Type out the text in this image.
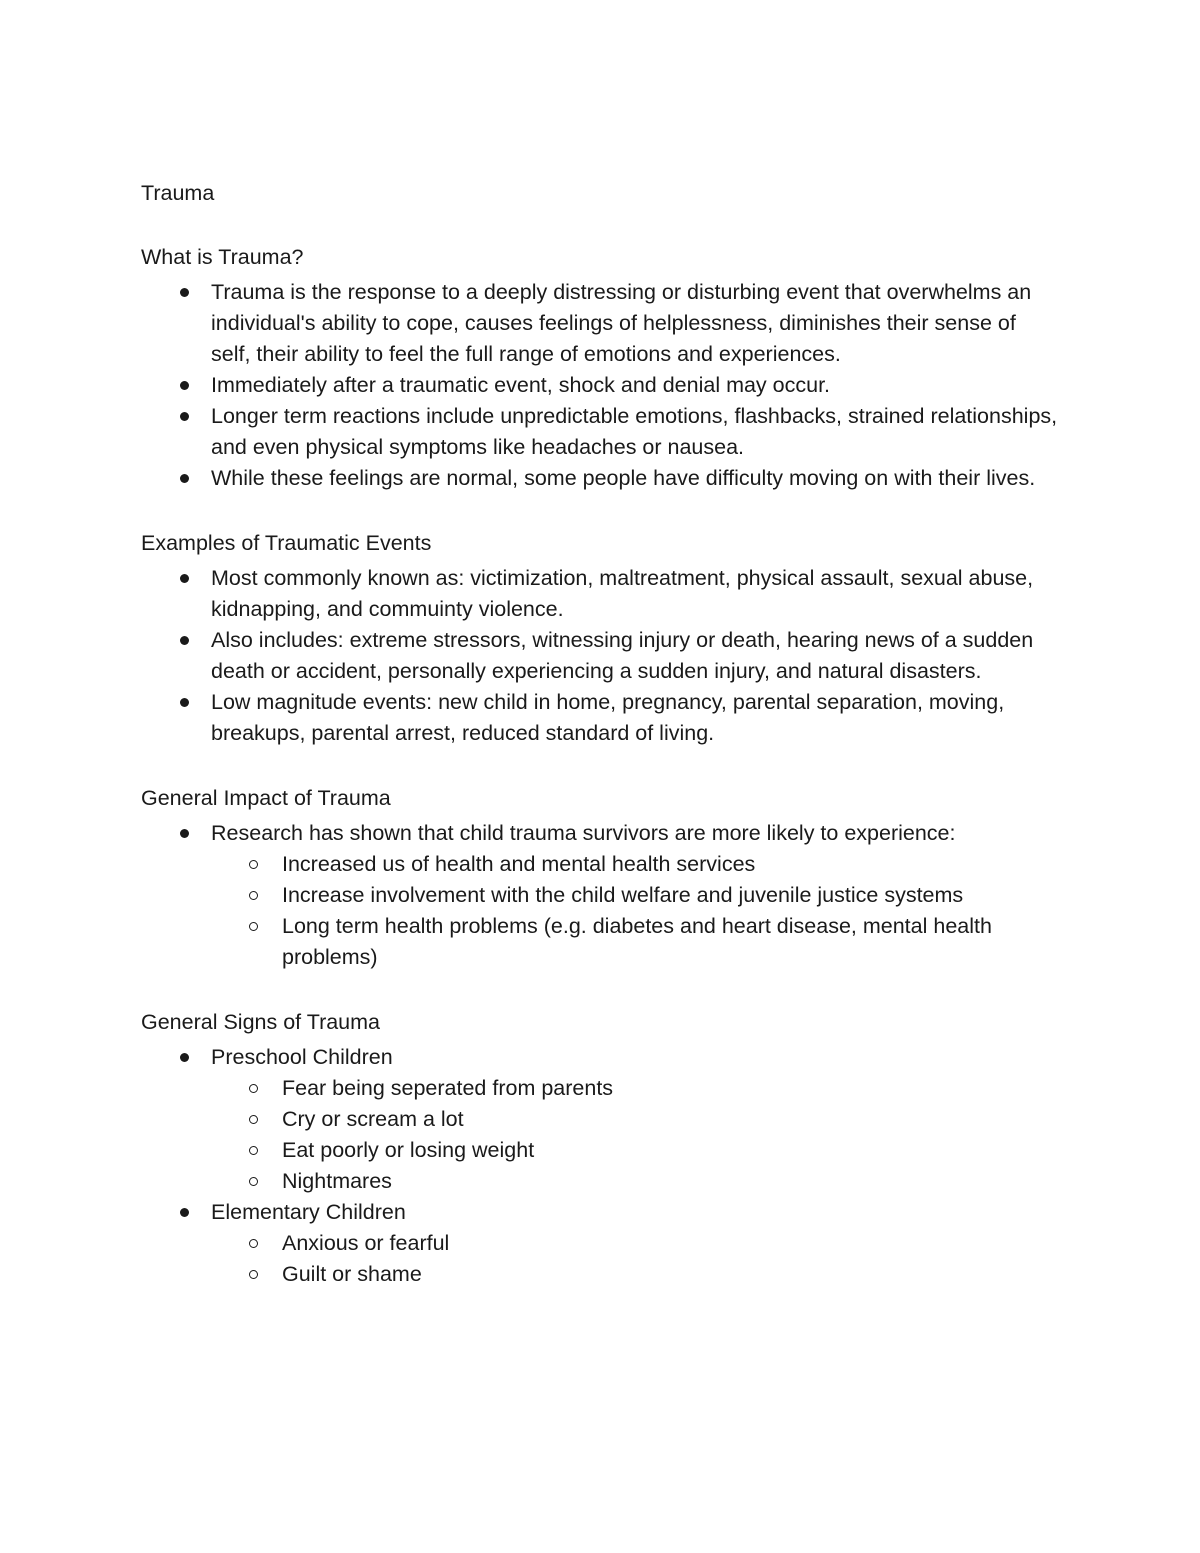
Trauma
What is Trauma?
Trauma is the response to a deeply distressing or disturbing event that overwhelms an individual's ability to cope, causes feelings of helplessness, diminishes their sense of self, their ability to feel the full range of emotions and experiences.
Immediately after a traumatic event, shock and denial may occur.
Longer term reactions include unpredictable emotions, flashbacks, strained relationships, and even physical symptoms like headaches or nausea.
While these feelings are normal, some people have difficulty moving on with their lives.
Examples of Traumatic Events
Most commonly known as: victimization, maltreatment, physical assault, sexual abuse, kidnapping, and commuinty violence.
Also includes: extreme stressors, witnessing injury or death, hearing news of a sudden death or accident, personally experiencing a sudden injury, and natural disasters.
Low magnitude events: new child in home, pregnancy, parental separation, moving, breakups, parental arrest, reduced standard of living.
General Impact of Trauma
Research has shown that child trauma survivors are more likely to experience:
Increased us of health and mental health services
Increase involvement with the child welfare and juvenile justice systems
Long term health problems (e.g. diabetes and heart disease, mental health problems)
General Signs of Trauma
Preschool Children
Fear being seperated from parents
Cry or scream a lot
Eat poorly or losing weight
Nightmares
Elementary Children
Anxious or fearful
Guilt or shame
